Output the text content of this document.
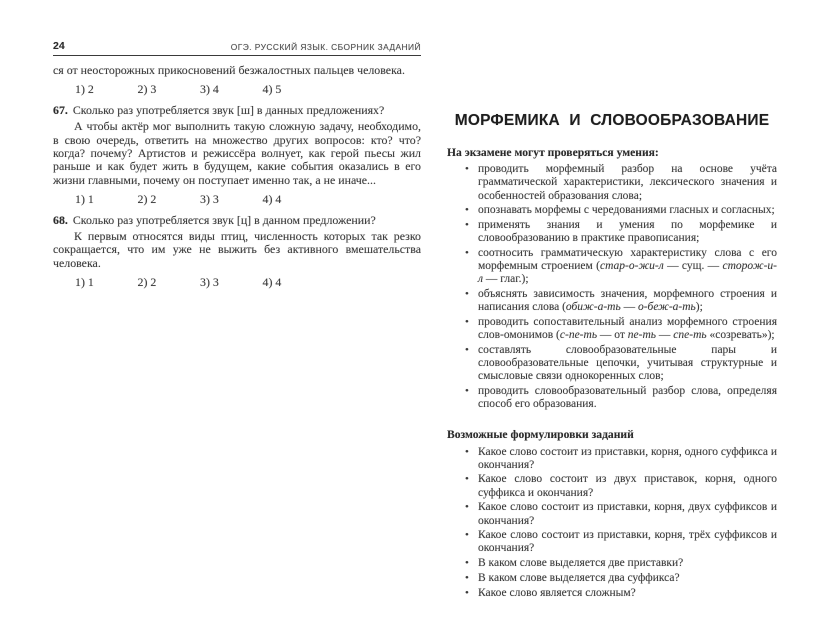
24	ОГЭ. РУССКИЙ ЯЗЫК. СБОРНИК ЗАДАНИЙ

ся от неосторожных прикосновений безжалостных пальцев человека.

1) 2	2) 3	3) 4	4) 5

67. Сколько раз употребляется звук [ш] в данных предложениях?

А чтобы актёр мог выполнить такую сложную задачу, необходимо, в свою очередь, ответить на множество других вопросов: кто? что? когда? почему? Артистов и режиссёра волнует, как герой пьесы жил раньше и как будет жить в будущем, какие события оказались в его жизни главными, почему он поступает именно так, а не иначе...

1) 1	2) 2	3) 3	4) 4

68. Сколько раз употребляется звук [ц] в данном предложении?

К первым относятся виды птиц, численность которых так резко сокращается, что им уже не выжить без активного вмешательства человека.

1) 1	2) 2	3) 3	4) 4
МОРФЕМИКА И СЛОВООБРАЗОВАНИЕ

На экзамене могут проверяться умения:

• проводить морфемный разбор на основе учёта грамматической характеристики, лексического значения и особенностей образования слова;
• опознавать морфемы с чередованиями гласных и согласных;
• применять знания и умения по морфемике и словообразованию в практике правописания;
• соотносить грамматическую характеристику слова с его морфемным строением (стар-о-жи-л — сущ. — сторож-и-л — глаг.);
• объяснять зависимость значения, морфемного строения и написания слова (обиж-а-ть — о-беж-а-ть);
• проводить сопоставительный анализ морфемного строения слов-омонимов (с-пе-ть — от пе-ть — спе-ть «созревать»);
• составлять словообразовательные пары и словообразовательные цепочки, учитывая структурные и смысловые связи однокоренных слов;
• проводить словообразовательный разбор слова, определяя способ его образования.

Возможные формулировки заданий

• Какое слово состоит из приставки, корня, одного суффикса и окончания?
• Какое слово состоит из двух приставок, корня, одного суффикса и окончания?
• Какое слово состоит из приставки, корня, двух суффиксов и окончания?
• Какое слово состоит из приставки, корня, трёх суффиксов и окончания?
• В каком слове выделяется две приставки?
• В каком слове выделяется два суффикса?
• Какое слово является сложным?
